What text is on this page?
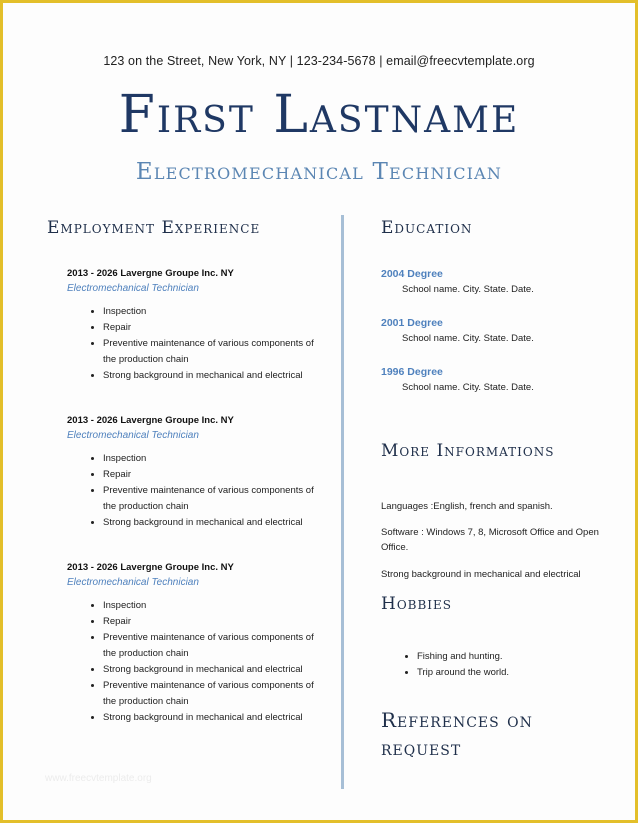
123 on the Street, New York, NY | 123-234-5678 | email@freecvtemplate.org
First Lastname
Electromechanical Technician
Employment Experience
2013 - 2026 Lavergne Groupe Inc. NY
Electromechanical Technician
• Inspection
• Repair
• Preventive maintenance of various components of the production chain
• Strong background in mechanical and electrical
2013 - 2026 Lavergne Groupe Inc. NY
Electromechanical Technician
• Inspection
• Repair
• Preventive maintenance of various components of the production chain
• Strong background in mechanical and electrical
2013 - 2026 Lavergne Groupe Inc. NY
Electromechanical Technician
• Inspection
• Repair
• Preventive maintenance of various components of the production chain
• Strong background in mechanical and electrical
• Preventive maintenance of various components of the production chain
• Strong background in mechanical and electrical
www.freecvtemplate.org
Education
2004 Degree
School name. City. State. Date.
2001 Degree
School name. City. State. Date.
1996 Degree
School name. City. State. Date.
More Informations
Languages :English, french and spanish.
Software : Windows 7, 8, Microsoft Office and Open Office.
Strong background in mechanical and electrical
Hobbies
• Fishing and hunting.
• Trip around the world.
References on request
